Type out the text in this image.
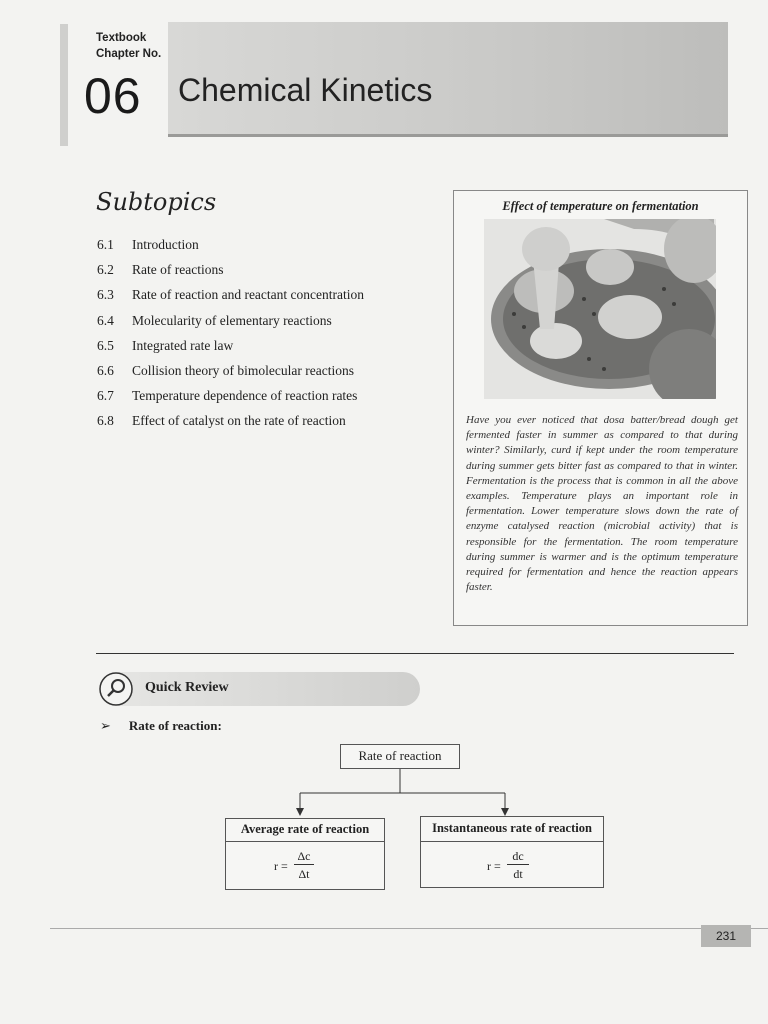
Textbook
Chapter No.
06 Chemical Kinetics
Subtopics
6.1	Introduction
6.2	Rate of reactions
6.3	Rate of reaction and reactant concentration
6.4	Molecularity of elementary reactions
6.5	Integrated rate law
6.6	Collision theory of bimolecular reactions
6.7	Temperature dependence of reaction rates
6.8	Effect of catalyst on the rate of reaction
Effect of temperature on fermentation
Have you ever noticed that dosa batter/bread dough get fermented faster in summer as compared to that during winter? Similarly, curd if kept under the room temperature during summer gets bitter fast as compared to that in winter. Fermentation is the process that is common in all the above examples. Temperature plays an important role in fermentation. Lower temperature slows down the rate of enzyme catalysed reaction (microbial activity) that is responsible for the fermentation. The room temperature during summer is warmer and is the optimum temperature required for fermentation and hence the reaction appears faster.
Quick Review
➢ Rate of reaction:
Rate of reaction
Average rate of reaction
r =
Δc
Δt
Instantaneous rate of reaction
r =
dc
dt
231
